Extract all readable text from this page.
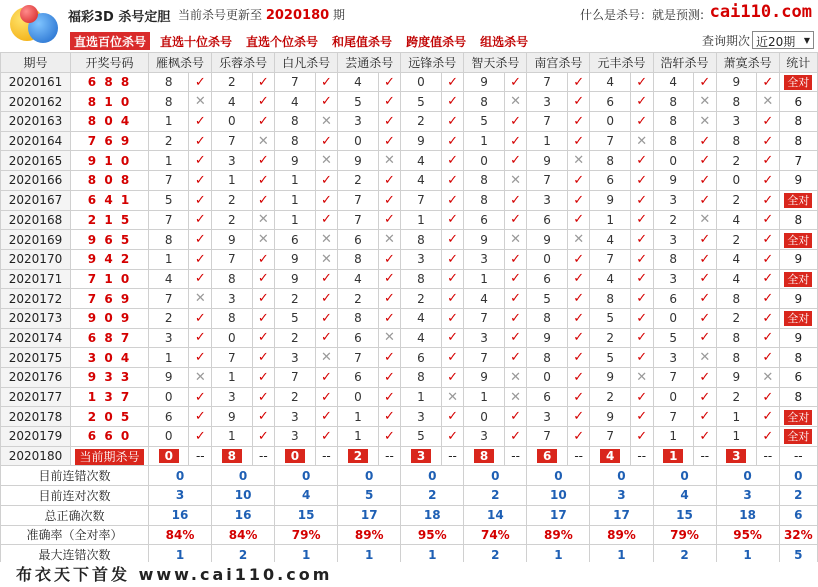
福彩3D 杀号定胆 当前杀号更新至 2020180 期	什么是杀号：就是预测: cai110.com
直选百位杀号	直选十位杀号	直选个位杀号	和尾值杀号	跨度值杀号	组选杀号	查询期次 近20期 ▼
期号	开奖号码	雁枫杀号		乐蓉杀号		白凡杀号		芸通杀号		远锋杀号		智天杀号		南宫杀号		元丰杀号		浩轩杀号		萧寞杀号		统计
2020161	6 8 8	8	✓	2	✓	7	✓	4	✓	0	✓	9	✓	7	✓	4	✓	4	✓	9	✓	全对
2020162	8 1 0	8	✕	4	✓	4	✓	5	✓	5	✓	8	✕	3	✓	6	✓	8	✕	8	✕	6
2020163	8 0 4	1	✓	0	✓	8	✕	3	✓	2	✓	5	✓	7	✓	0	✓	8	✕	3	✓	8
2020164	7 6 9	2	✓	7	✕	8	✓	0	✓	9	✓	1	✓	1	✓	7	✕	8	✓	8	✓	8
2020165	9 1 0	1	✓	3	✓	9	✕	9	✕	4	✓	0	✓	9	✕	8	✓	0	✓	2	✓	7
2020166	8 0 8	7	✓	1	✓	1	✓	2	✓	4	✓	8	✕	7	✓	6	✓	9	✓	0	✓	9
2020167	6 4 1	5	✓	2	✓	1	✓	7	✓	7	✓	8	✓	3	✓	9	✓	3	✓	2	✓	全对
2020168	2 1 5	7	✓	2	✕	1	✓	7	✓	1	✓	6	✓	6	✓	1	✓	2	✕	4	✓	8
2020169	9 6 5	8	✓	9	✕	6	✕	6	✕	8	✓	9	✕	9	✕	4	✓	3	✓	2	✓	全对
2020170	9 4 2	1	✓	7	✓	9	✕	8	✓	3	✓	3	✓	0	✓	7	✓	8	✓	4	✓	9
2020171	7 1 0	4	✓	8	✓	9	✓	4	✓	8	✓	1	✓	6	✓	4	✓	3	✓	4	✓	全对
2020172	7 6 9	7	✕	3	✓	2	✓	2	✓	2	✓	4	✓	5	✓	8	✓	6	✓	8	✓	9
2020173	9 0 9	2	✓	8	✓	5	✓	8	✓	4	✓	7	✓	8	✓	5	✓	0	✓	2	✓	全对
2020174	6 8 7	3	✓	0	✓	2	✓	6	✕	4	✓	3	✓	9	✓	2	✓	5	✓	8	✓	9
2020175	3 0 4	1	✓	7	✓	3	✕	7	✓	6	✓	7	✓	8	✓	5	✓	3	✕	8	✓	8
2020176	9 3 3	9	✕	1	✓	7	✓	6	✓	8	✓	9	✕	0	✓	9	✕	7	✓	9	✕	6
2020177	1 3 7	0	✓	3	✓	2	✓	0	✓	1	✕	1	✕	6	✓	2	✓	0	✓	2	✓	8
2020178	2 0 5	6	✓	9	✓	3	✓	1	✓	3	✓	0	✓	3	✓	9	✓	7	✓	1	✓	全对
2020179	6 6 0	0	✓	1	✓	3	✓	1	✓	5	✓	3	✓	7	✓	7	✓	1	✓	1	✓	全对
2020180	当前期杀号	0	--	8	--	0	--	2	--	3	--	8	--	6	--	4	--	1	--	3	--	--
目前连错次数		0		0		0		0		0		0		0		0		0		0		0
目前连对次数		3		10		4		5		2		2		10		3		4		3		2
总正确次数		16		16		15		17		18		14		17		17		15		18		6
准确率（全对率）		84%		84%		79%		89%		95%		74%		89%		89%		79%		95%		32%
最大连错次数		1		2		1		1		1		2		1		1		2		1		5
布衣天下首发 www.cai110.com
